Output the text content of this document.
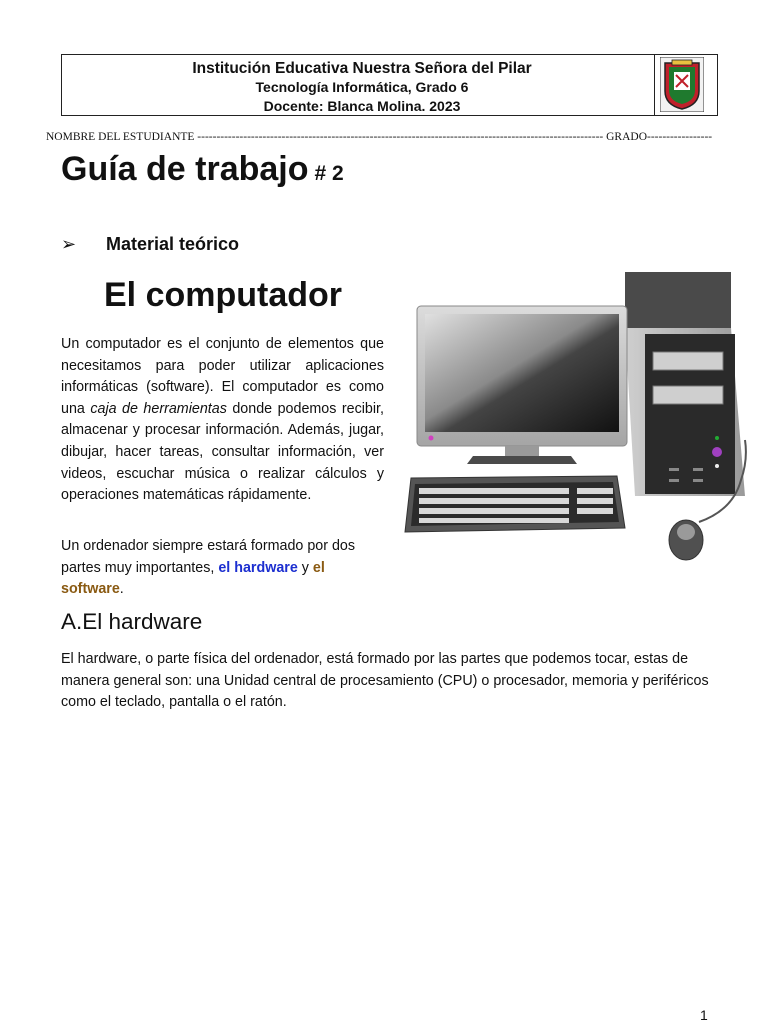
Institución Educativa Nuestra Señora del Pilar
Tecnología Informática, Grado 6
Docente: Blanca Molina. 2023
NOMBRE DEL ESTUDIANTE ---------------------------------------------------------------------------------------------------------- GRADO-----------------
Guía de trabajo # 2
➢ Material teórico
El computador

Un computador es el conjunto de elementos que necesitamos para poder utilizar aplicaciones informáticas (software). El computador es como una caja de herramientas donde podemos recibir, almacenar y procesar información. Además, jugar, dibujar, hacer tareas, consultar información, ver videos, escuchar música o realizar cálculos y operaciones matemáticas rápidamente.

Un ordenador siempre estará formado por dos partes muy importantes, el hardware y el software.

A.El hardware

El hardware, o parte física del ordenador, está formado por las partes que podemos tocar, estas de manera general son: una Unidad central de procesamiento (CPU) o procesador, memoria y periféricos como el teclado, pantalla o el ratón.

1
